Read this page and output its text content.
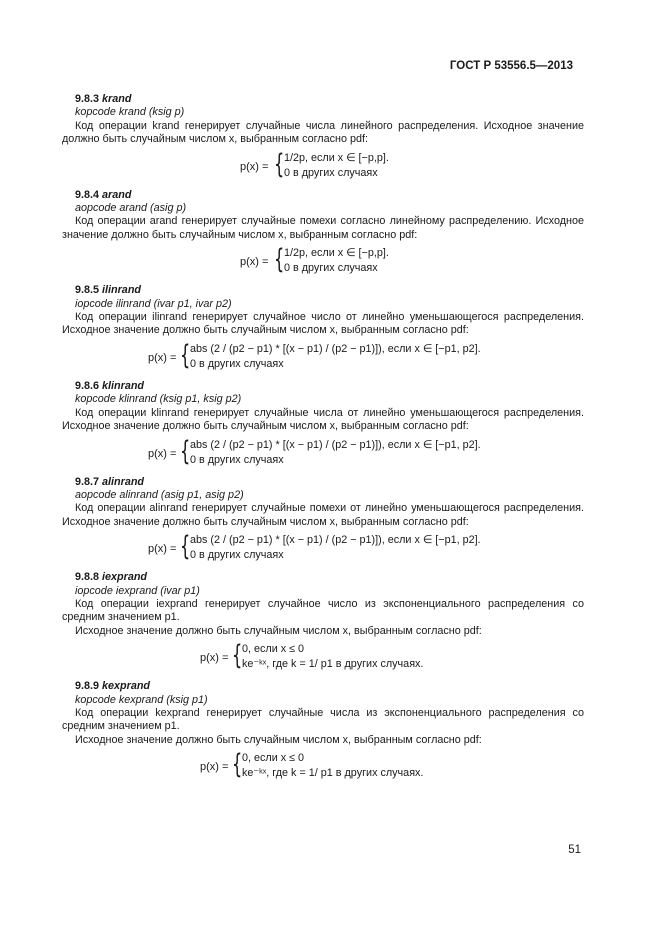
ГОСТ Р 53556.5—2013
9.8.3 krand
kopcode krand (ksig p)

Код операции krand генерирует случайные числа линейного распределения. Исходное значение должно быть случайным числом x, выбранным согласно pdf:

p(x) = { 1/2p, если x ∈ [−p,p].
0 в других случаях
9.8.4 arand
aopcode arand (asig p)

Код операции arand генерирует случайные помехи согласно линейному распределению. Исходное значение должно быть случайным числом x, выбранным согласно pdf:

p(x) = { 1/2p, если x ∈ [−p,p].
0 в других случаях
9.8.5 ilinrand
iopcode ilinrand (ivar p1, ivar p2)

Код операции ilinrand генерирует случайное число от линейно уменьшающегося распределения. Исходное значение должно быть случайным числом x, выбранным согласно pdf:

p(x) = { abs (2 / (p2 − p1) * [(x − p1) / (p2 − p1)]), если x ∈ [−p1, p2].
0 в других случаях
9.8.6 klinrand
kopcode klinrand (ksig p1, ksig p2)

Код операции klinrand генерирует случайные числа от линейно уменьшающегося распределения. Исходное значение должно быть случайным числом x, выбранным согласно pdf:

p(x) = { abs (2 / (p2 − p1) * [(x − p1) / (p2 − p1)]), если x ∈ [−p1, p2].
0 в других случаях
9.8.7 alinrand
aopcode alinrand (asig p1, asig p2)

Код операции alinrand генерирует случайные помехи от линейно уменьшающегося распределения. Исходное значение должно быть случайным числом x, выбранным согласно pdf:

p(x) = { abs (2 / (p2 − p1) * [(x − p1) / (p2 − p1)]), если x ∈ [−p1, p2].
0 в других случаях
9.8.8 iexprand
iopcode iexprand (ivar p1)

Код операции iexprand генерирует случайное число из экспоненциального распределения со средним значением p1.

Исходное значение должно быть случайным числом x, выбранным согласно pdf:

p(x) = { 0, если x ≤ 0
ke⁻ᵏˣ, где k = 1/ p1 в других случаях.
9.8.9 kexprand
kopcode kexprand (ksig p1)

Код операции kexprand генерирует случайные числа из экспоненциального распределения со средним значением p1.

Исходное значение должно быть случайным числом x, выбранным согласно pdf:

p(x) = { 0, если x ≤ 0
ke⁻ᵏˣ, где k = 1/ p1 в других случаях.
51
